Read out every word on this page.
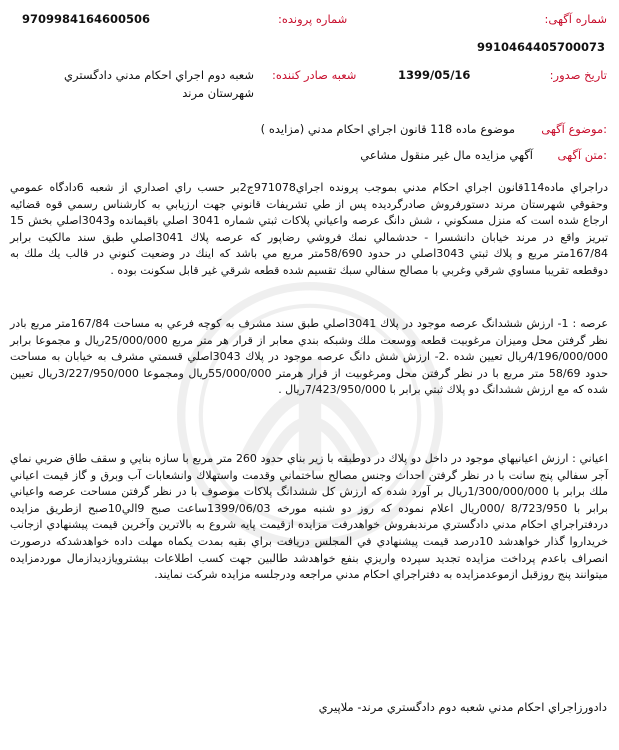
شماره آگهی:
شماره پرونده:
9709984164600506
9910464405700073
تاریخ صدور:
1399/05/16
شعبه صادر کننده:
شعبه دوم اجراي احكام مدني دادگستري شهرستان مرند
:موضوع آگهی
موضوع ماده 118 قانون اجراي احكام مدني (مزايده )
:متن آگهی
آگهي مزايده مال غير منقول مشاعي
دراجراي ماده114قانون اجراي احكام مدني بموجب پرونده اجراي971078ج2بر حسب راي اصداري از شعبه 6دادگاه عمومي وحقوقي شهرستان مرند دستورفروش صادرگرديده پس از طي تشريفات قانوني جهت ارزيابي به كارشناس رسمي قوه قضائيه ارجاع شده است كه منزل مسكوني ، شش دانگ عرصه واعياني پلاكات ثبتي شماره 3041 اصلي باقيمانده و3043اصلي بخش 15 تبريز واقع در مرند خيابان دانشسرا - حدشمالي نمك فروشي رضاپور كه عرصه پلاك 3041اصلي طبق سند مالكيت برابر 167/84متر مربع و پلاك ثبتي 3043اصلي در حدود 58/690متر مربع مي باشد كه اينك در وضعيت كنوني در قالب يك ملك به دوقطعه تقريبا مساوي شرقي وغربي با مصالح سفالي سبك تقسيم شده قطعه شرقي غير قابل سكونت بوده .
عرصه : 1- ارزش ششدانگ عرصه موجود در پلاك 3041اصلي طبق سند مشرف به كوچه فرعي به مساحت 167/84متر مربع بادر نظر گرفتن محل وميزان مرغوبيت قطعه ووسعت ملك وشبكه بندي معابر از قرار هر متر مربع 25/000/000ريال و مجموعا برابر 4/196/000/000ريال تعيين شده .2- ارزش شش دانگ عرصه موجود در پلاك 3043اصلي قسمتي مشرف به خيابان به مساحت حدود 58/69 متر مربع با در نظر گرفتن محل ومرغوبيت از قرار هرمتر 55/000/000ريال ومجموعا 3/227/950/000ريال تعيين شده كه مع ارزش ششدانگ دو پلاك ثبتي برابر با 7/423/950/000ريال .
اعياني : ارزش اعيانيهاي موجود در داخل دو پلاك در دوطبقه با زير بناي حدود 260 متر مربع با سازه بنايي و سقف طاق ضربي نماي آجر سفالي پنج سانت با در نظر گرفتن احداث وجنس مصالح ساختماني وقدمت واستهلاك وانشعابات آب وبرق و گاز قيمت اعياني ملك برابر با 1/300/000/000ريال بر آورد شده كه ارزش كل ششدانگ پلاكات موصوف با در نظر گرفتن مساحت عرصه واعياني برابر با 8/723/950 /000ريال اعلام نموده كه روز دو شنبه مورخه 1399/06/03ساعت صبح 9الي10صبح ازطريق مزايده دردفتراجراي احكام مدني دادگستري مرندبفروش خواهدرفت مزايده ازقيمت پايه شروع به بالاترين وآخرين قيمت پيشنهادي ازجانب خريداروا گذار خواهدشد 10درصد قيمت پيشنهادي في المجلس دريافت براي بقيه بمدت يكماه مهلت داده خواهدشدكه درصورت انصراف باعدم پرداخت مزايده تجديد سپرده واريزي بنفع خواهدشد طالبين جهت كسب اطلاعات بيشترويازديدازمال موردمزايده ميتوانند پنج روزقبل ازموعدمزايده به دفتراجراي احكام مدني مراجعه ودرجلسه مزايده شركت نمايند.
دادورزاجراي احكام مدني شعبه دوم دادگستري مرند- ملاپيري
